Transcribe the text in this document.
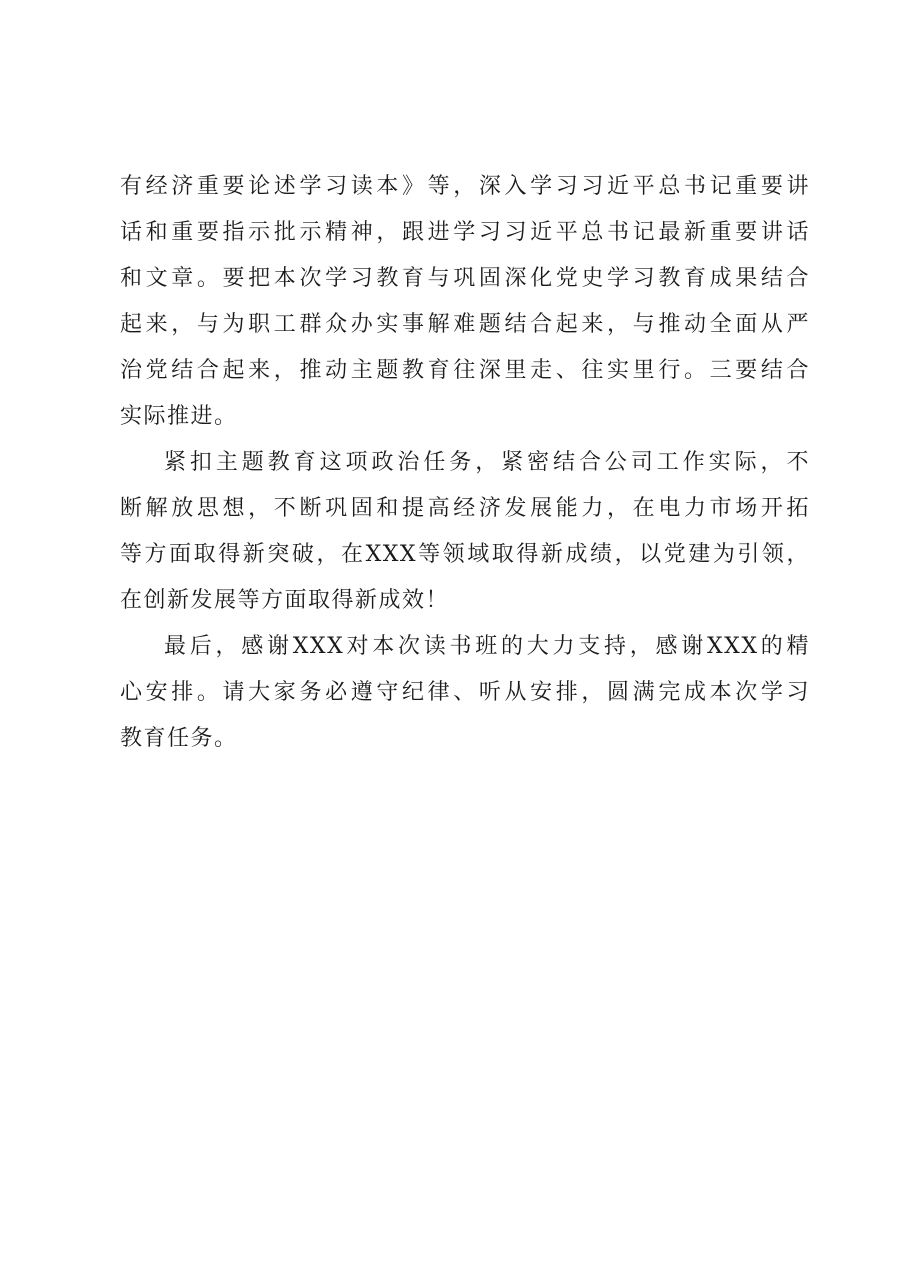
有经济重要论述学习读本》等，深入学习习近平总书记重要讲
话和重要指示批示精神，跟进学习习近平总书记最新重要讲话
和文章。要把本次学习教育与巩固深化党史学习教育成果结合
起来，与为职工群众办实事解难题结合起来，与推动全面从严
治党结合起来，推动主题教育往深里走、往实里行。三要结合
实际推进。
紧扣主题教育这项政治任务，紧密结合公司工作实际，不
断解放思想，不断巩固和提高经济发展能力，在电力市场开拓
等方面取得新突破，在XXX等领域取得新成绩，以党建为引领，
在创新发展等方面取得新成效！
最后，感谢XXX对本次读书班的大力支持，感谢XXX的精
心安排。请大家务必遵守纪律、听从安排，圆满完成本次学习
教育任务。
